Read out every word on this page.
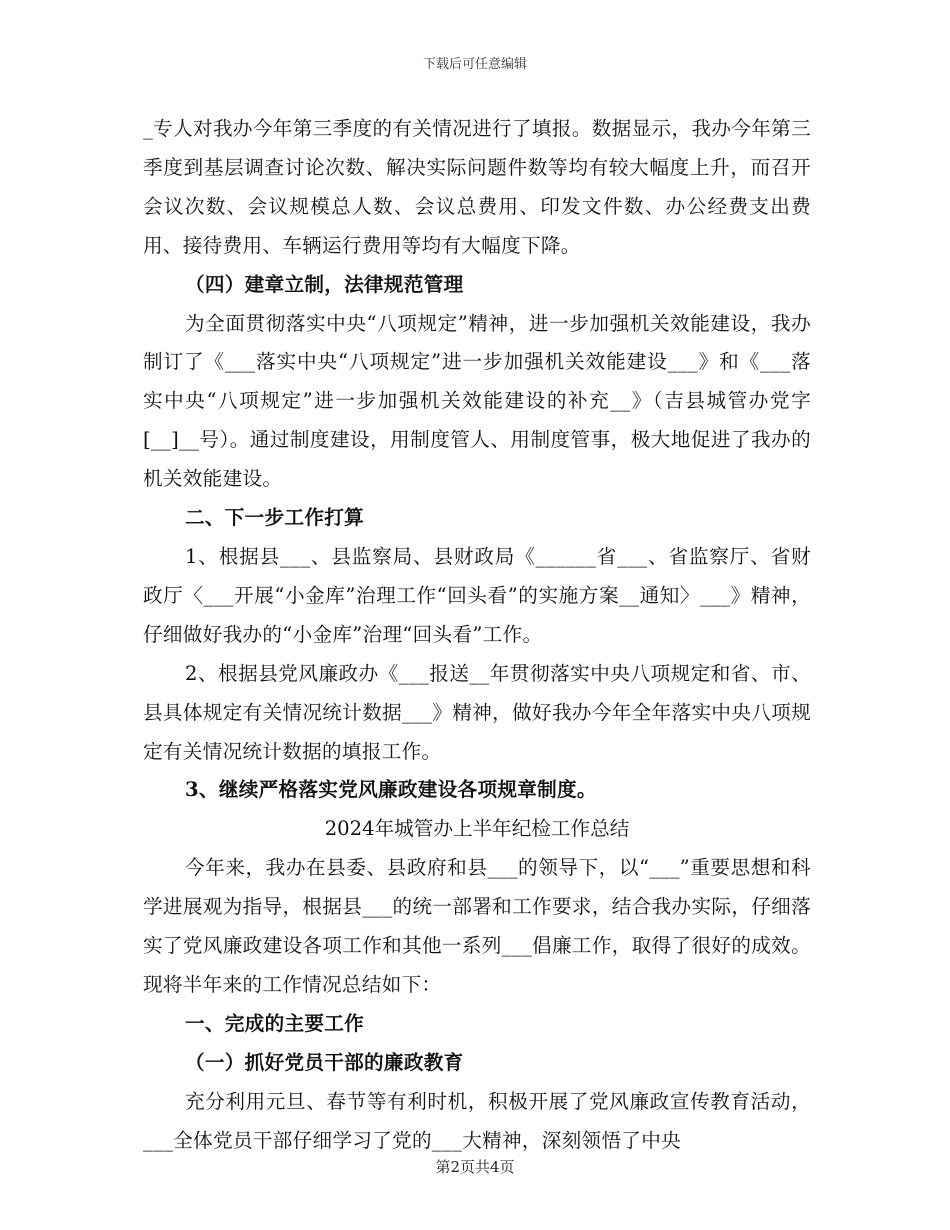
下载后可任意编辑

_专人对我办今年第三季度的有关情况进行了填报。数据显示，我办今年第三季度到基层调查讨论次数、解决实际问题件数等均有较大幅度上升，而召开会议次数、会议规模总人数、会议总费用、印发文件数、办公经费支出费用、接待费用、车辆运行费用等均有大幅度下降。

（四）建章立制，法律规范管理

为全面贯彻落实中央“八项规定”精神，进一步加强机关效能建设，我办制订了《___落实中央“八项规定”进一步加强机关效能建设___》和《___落实中央“八项规定”进一步加强机关效能建设的补充__》（吉县城管办党字[__]__号）。通过制度建设，用制度管人、用制度管事，极大地促进了我办的机关效能建设。

二、下一步工作打算

1、根据县___、县监察局、县财政局《______省___、省监察厅、省财政厅〈___开展“小金库”治理工作“回头看”的实施方案__通知〉___》精神，仔细做好我办的“小金库”治理“回头看”工作。

2、根据县党风廉政办《___报送__年贯彻落实中央八项规定和省、市、县具体规定有关情况统计数据___》精神，做好我办今年全年落实中央八项规定有关情况统计数据的填报工作。

3、继续严格落实党风廉政建设各项规章制度。

2024年城管办上半年纪检工作总结

今年来，我办在县委、县政府和县___的领导下，以“___”重要思想和科学进展观为指导，根据县___的统一部署和工作要求，结合我办实际，仔细落实了党风廉政建设各项工作和其他一系列___倡廉工作，取得了很好的成效。现将半年来的工作情况总结如下：

一、完成的主要工作

（一）抓好党员干部的廉政教育

充分利用元旦、春节等有利时机，积极开展了党风廉政宣传教育活动，___全体党员干部仔细学习了党的___大精神，深刻领悟了中央

第2页共4页
